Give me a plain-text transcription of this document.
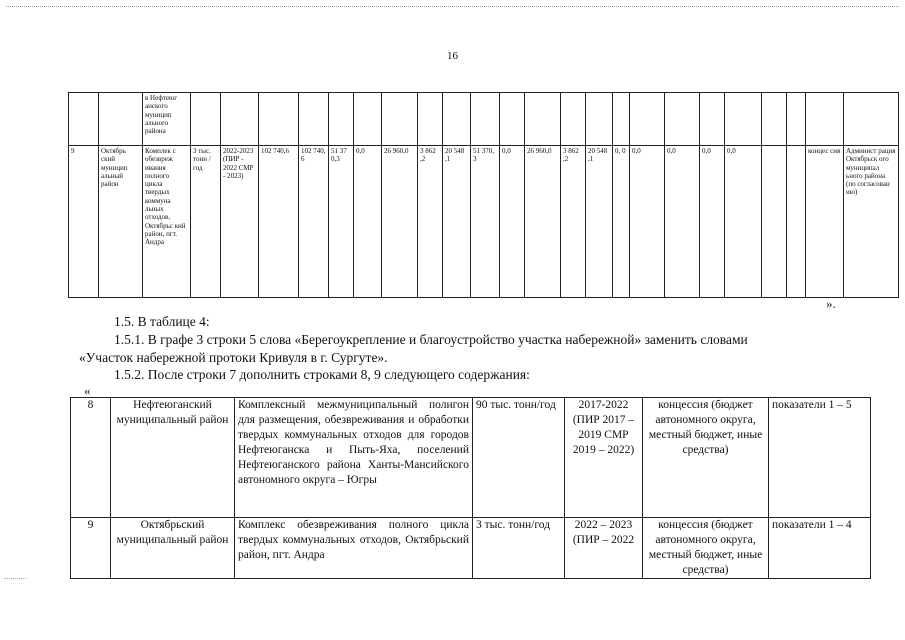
16
		в Нефтеюг анского муницип ального района																							
9	Октябрь ский муницип альный район	Комплек с обезвреж ивания полного цикла твердых коммуна льных отходов, Октябрьс кий район, пгт. Андра	3 тыс. тонн /год	2022-2023 (ПИР - 2022 СМР - 2023)	102 740,6	102 740, 6	51 37 0,3	0,0	26 960,0	3 862 ,2	20 548 ,1	51 370, 3	0,0	26 960,0	3 862 ,2	20 548 ,1	0, 0	0,0	0,0	0,0	0,0			концес сия	Админист рация Октябрьск ого муниципал ьного района (по согласован ию)
».
1.5. В таблице 4:
1.5.1. В графе 3 строки 5 слова «Берегоукрепление и благоустройство участка набережной» заменить словами
«Участок набережной протоки Кривуля в г. Сургуте».
1.5.2. После строки 7 дополнить строками 8, 9 следующего содержания:
«
8	Нефтеюганский муниципальный район	Комплексный межмуниципальный полигон для размещения, обезвреживания и обработки твердых коммунальных отходов для городов Нефтеюганска и Пыть-Яха, поселений Нефтеюганского района Ханты-Мансийского автономного округа – Югры	90 тыс. тонн/год	2017-2022 (ПИР 2017 – 2019 СМР 2019 – 2022)	концессия (бюджет автономного округа, местный бюджет, иные средства)	показатели 1 – 5
9	Октябрьский муниципальный район	Комплекс обезвреживания полного цикла твердых коммунальных отходов, Октябрьский район, пгт. Андра	3 тыс. тонн/год	2022 – 2023 (ПИР – 2022	концессия (бюджет автономного округа, местный бюджет, иные средства)	показатели 1 – 4
